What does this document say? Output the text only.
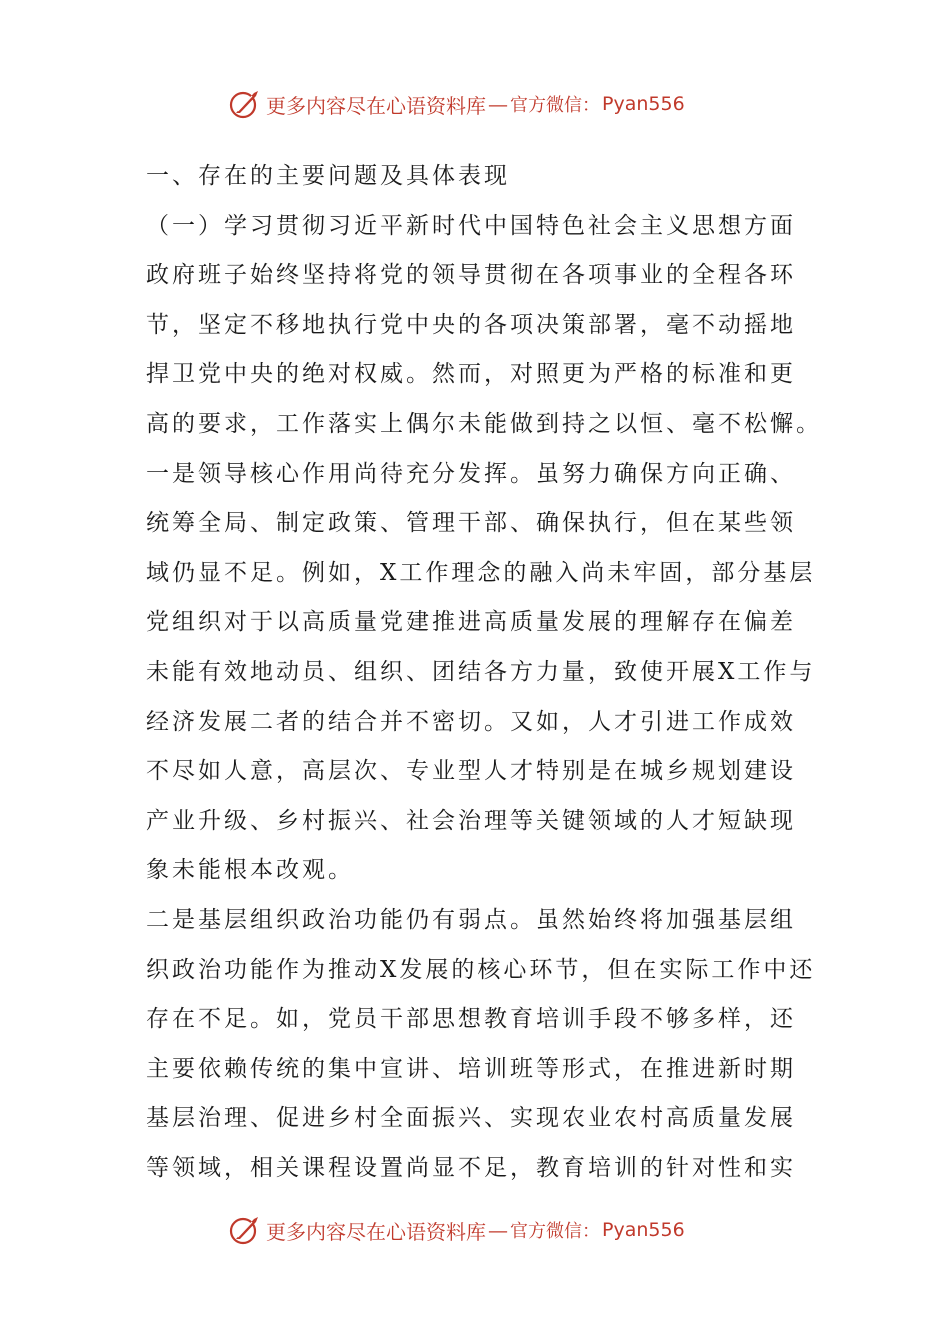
更多内容尽在心语资料库 — 官方微信： Pyan556
一、存在的主要问题及具体表现
（一）学习贯彻习近平新时代中国特色社会主义思想方面
政府班子始终坚持将党的领导贯彻在各项事业的全程各环
节，坚定不移地执行党中央的各项决策部署，毫不动摇地
捍卫党中央的绝对权威。然而，对照更为严格的标准和更
高的要求，工作落实上偶尔未能做到持之以恒、毫不松懈。
一是领导核心作用尚待充分发挥。虽努力确保方向正确、
统筹全局、制定政策、管理干部、确保执行，但在某些领
域仍显不足。例如，X工作理念的融入尚未牢固，部分基层
党组织对于以高质量党建推进高质量发展的理解存在偏差
未能有效地动员、组织、团结各方力量，致使开展X工作与
经济发展二者的结合并不密切。又如，人才引进工作成效
不尽如人意，高层次、专业型人才特别是在城乡规划建设
产业升级、乡村振兴、社会治理等关键领域的人才短缺现
象未能根本改观。
二是基层组织政治功能仍有弱点。虽然始终将加强基层组
织政治功能作为推动X发展的核心环节，但在实际工作中还
存在不足。如，党员干部思想教育培训手段不够多样，还
主要依赖传统的集中宣讲、培训班等形式，在推进新时期
基层治理、促进乡村全面振兴、实现农业农村高质量发展
等领域，相关课程设置尚显不足，教育培训的针对性和实
更多内容尽在心语资料库 — 官方微信： Pyan556
